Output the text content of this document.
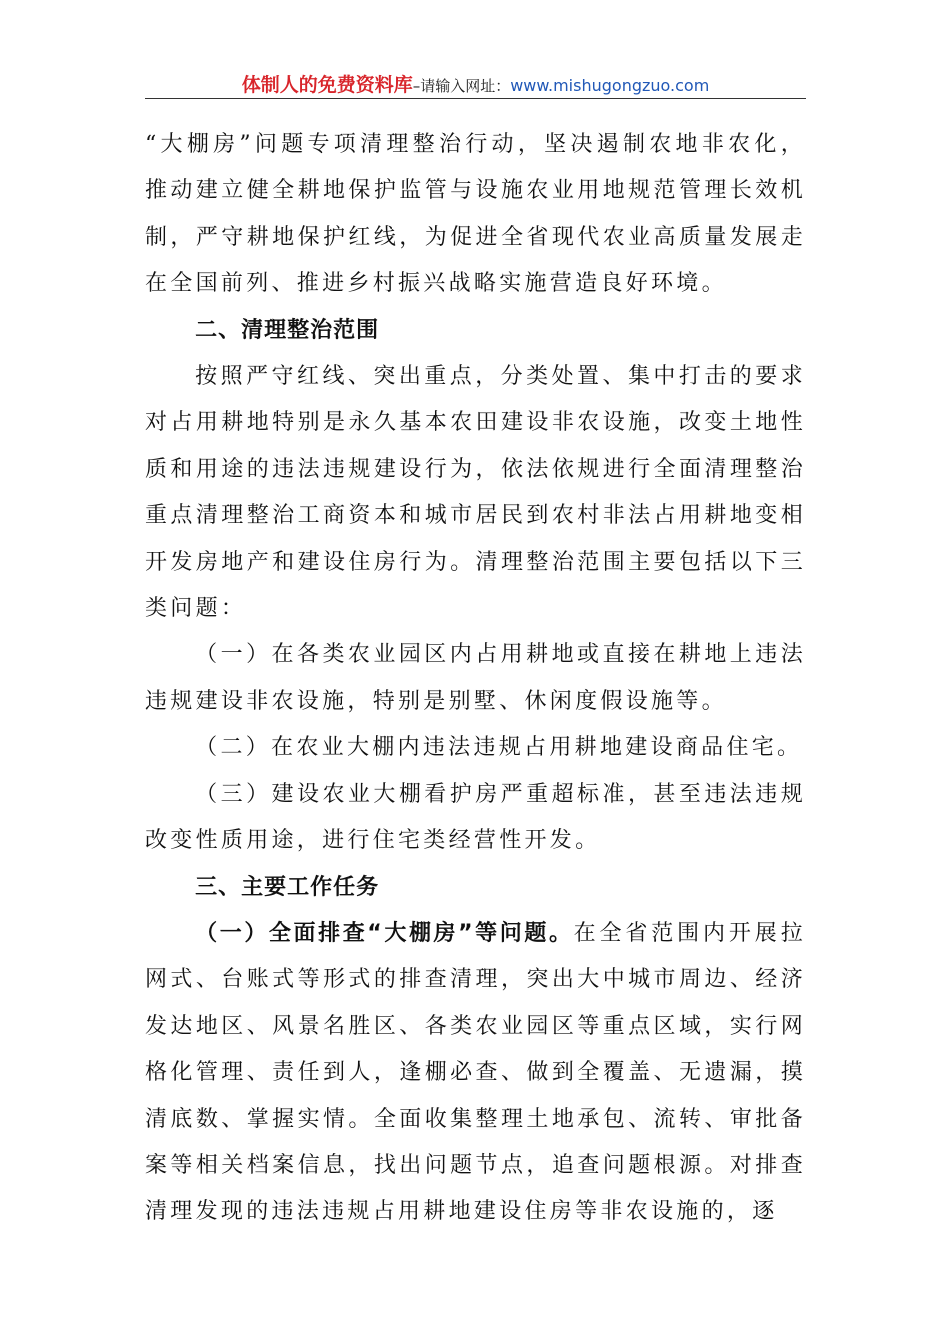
体制人的免费资料库–请输入网址：www.mishugongzuo.com

“大棚房”问题专项清理整治行动，坚决遏制农地非农化，推动建立健全耕地保护监管与设施农业用地规范管理长效机制，严守耕地保护红线，为促进全省现代农业高质量发展走在全国前列、推进乡村振兴战略实施营造良好环境。

二、清理整治范围

按照严守红线、突出重点，分类处置、集中打击的要求对占用耕地特别是永久基本农田建设非农设施，改变土地性质和用途的违法违规建设行为，依法依规进行全面清理整治重点清理整治工商资本和城市居民到农村非法占用耕地变相开发房地产和建设住房行为。清理整治范围主要包括以下三类问题：

（一）在各类农业园区内占用耕地或直接在耕地上违法违规建设非农设施，特别是别墅、休闲度假设施等。

（二）在农业大棚内违法违规占用耕地建设商品住宅。

（三）建设农业大棚看护房严重超标准，甚至违法违规改变性质用途，进行住宅类经营性开发。

三、主要工作任务

（一）全面排查“大棚房”等问题。在全省范围内开展拉网式、台账式等形式的排查清理，突出大中城市周边、经济发达地区、风景名胜区、各类农业园区等重点区域，实行网格化管理、责任到人，逢棚必查、做到全覆盖、无遗漏，摸清底数、掌握实情。全面收集整理土地承包、流转、审批备案等相关档案信息，找出问题节点，追查问题根源。对排查清理发现的违法违规占用耕地建设住房等非农设施的，逐
